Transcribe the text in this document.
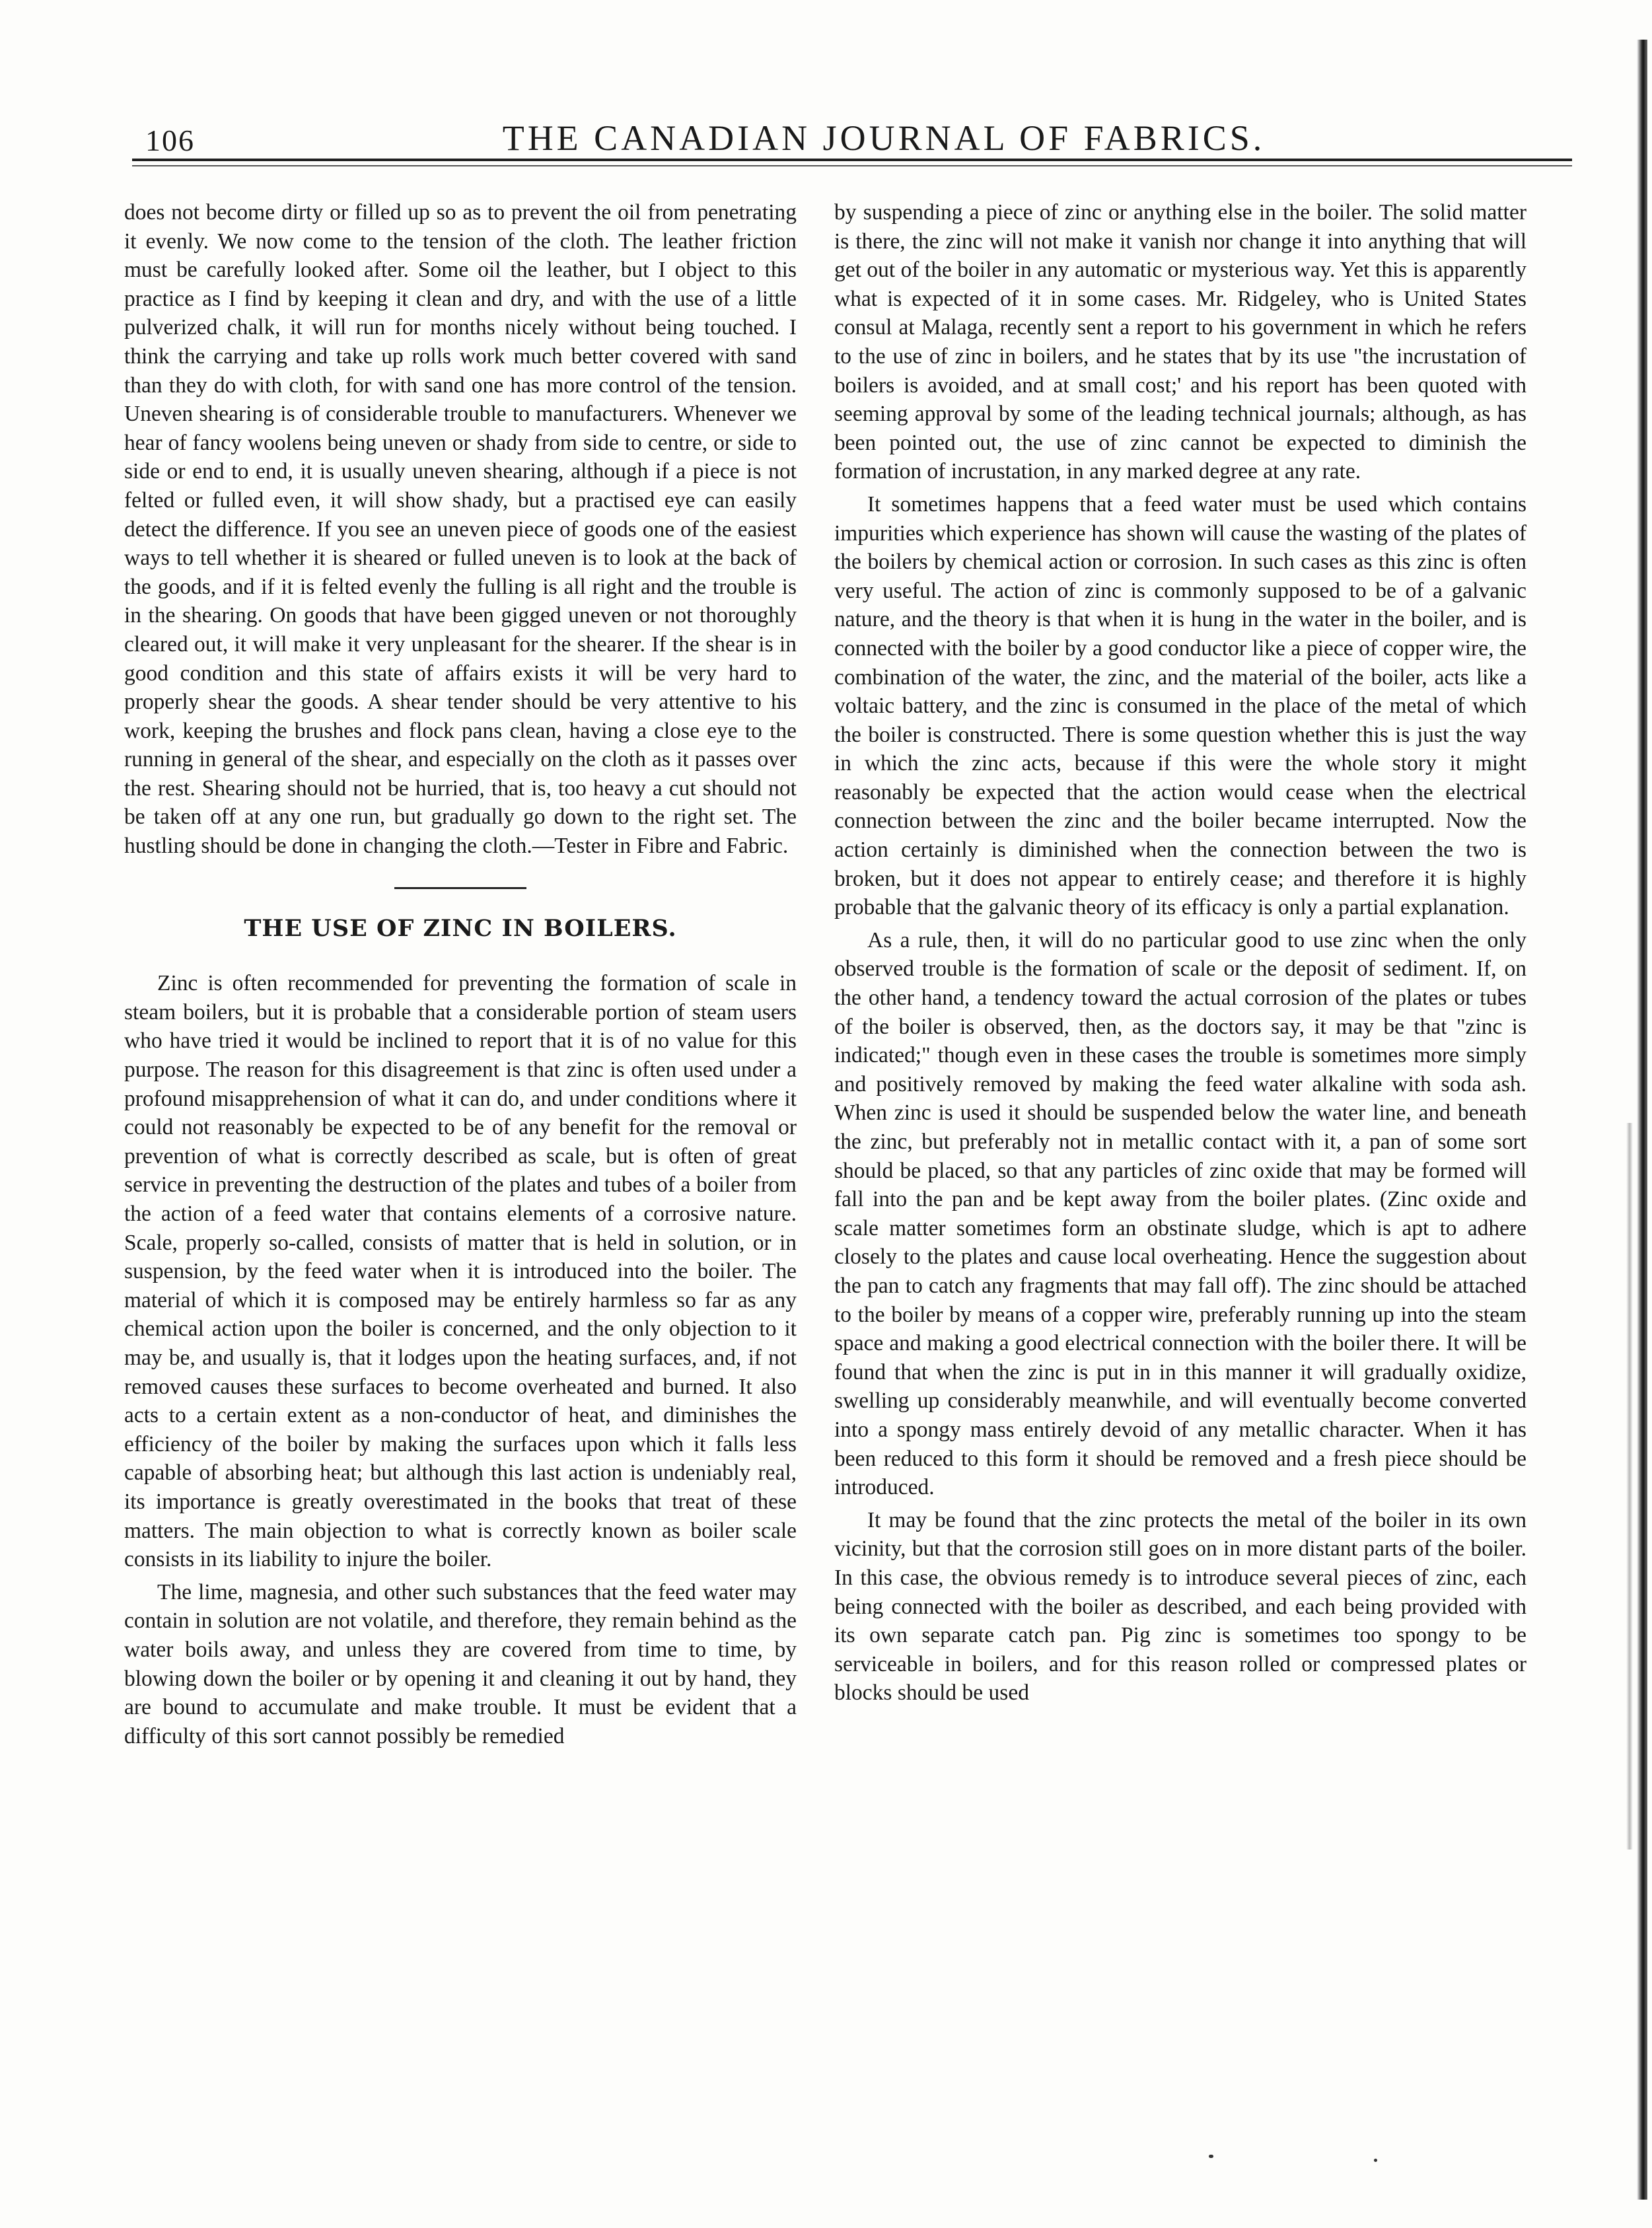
106	THE CANADIAN JOURNAL OF FABRICS.

does not become dirty or filled up so as to prevent the oil from penetrating it evenly. We now come to the tension of the cloth. The leather friction must be carefully looked after. Some oil the leather, but I object to this practice as I find by keeping it clean and dry, and with the use of a little pulverized chalk, it will run for months nicely without being touched. I think the carrying and take up rolls work much better covered with sand than they do with cloth, for with sand one has more control of the tension. Uneven shearing is of considerable trouble to manufacturers. Whenever we hear of fancy woolens being uneven or shady from side to centre, or side to side or end to end, it is usually uneven shearing, although if a piece is not felted or fulled even, it will show shady, but a practised eye can easily detect the difference. If you see an uneven piece of goods one of the easiest ways to tell whether it is sheared or fulled uneven is to look at the back of the goods, and if it is felted evenly the fulling is all right and the trouble is in the shearing. On goods that have been gigged uneven or not thoroughly cleared out, it will make it very unpleasant for the shearer. If the shear is in good condition and this state of affairs exists it will be very hard to properly shear the goods. A shear tender should be very attentive to his work, keeping the brushes and flock pans clean, having a close eye to the running in general of the shear, and especially on the cloth as it passes over the rest. Shearing should not be hurried, that is, too heavy a cut should not be taken off at any one run, but gradually go down to the right set. The hustling should be done in changing the cloth.—Tester in Fibre and Fabric.

THE USE OF ZINC IN BOILERS.

Zinc is often recommended for preventing the formation of scale in steam boilers, but it is probable that a considerable portion of steam users who have tried it would be inclined to report that it is of no value for this purpose. The reason for this disagreement is that zinc is often used under a profound misapprehension of what it can do, and under conditions where it could not reasonably be expected to be of any benefit for the removal or prevention of what is correctly described as scale, but is often of great service in preventing the destruction of the plates and tubes of a boiler from the action of a feed water that contains elements of a corrosive nature. Scale, properly so-called, consists of matter that is held in solution, or in suspension, by the feed water when it is introduced into the boiler. The material of which it is composed may be entirely harmless so far as any chemical action upon the boiler is concerned, and the only objection to it may be, and usually is, that it lodges upon the heating surfaces, and, if not removed causes these surfaces to become overheated and burned. It also acts to a certain extent as a non-conductor of heat, and diminishes the efficiency of the boiler by making the surfaces upon which it falls less capable of absorbing heat; but although this last action is undeniably real, its importance is greatly overestimated in the books that treat of these matters. The main objection to what is correctly known as boiler scale consists in its liability to injure the boiler.

The lime, magnesia, and other such substances that the feed water may contain in solution are not volatile, and therefore, they remain behind as the water boils away, and unless they are covered from time to time, by blowing down the boiler or by opening it and cleaning it out by hand, they are bound to accumulate and make trouble. It must be evident that a difficulty of this sort cannot possibly be remedied

by suspending a piece of zinc or anything else in the boiler. The solid matter is there, the zinc will not make it vanish nor change it into anything that will get out of the boiler in any automatic or mysterious way. Yet this is apparently what is expected of it in some cases. Mr. Ridgeley, who is United States consul at Malaga, recently sent a report to his government in which he refers to the use of zinc in boilers, and he states that by its use "the incrustation of boilers is avoided, and at small cost;' and his report has been quoted with seeming approval by some of the leading technical journals; although, as has been pointed out, the use of zinc cannot be expected to diminish the formation of incrustation, in any marked degree at any rate.

It sometimes happens that a feed water must be used which contains impurities which experience has shown will cause the wasting of the plates of the boilers by chemical action or corrosion. In such cases as this zinc is often very useful. The action of zinc is commonly supposed to be of a galvanic nature, and the theory is that when it is hung in the water in the boiler, and is connected with the boiler by a good conductor like a piece of copper wire, the combination of the water, the zinc, and the material of the boiler, acts like a voltaic battery, and the zinc is consumed in the place of the metal of which the boiler is constructed. There is some question whether this is just the way in which the zinc acts, because if this were the whole story it might reasonably be expected that the action would cease when the electrical connection between the zinc and the boiler became interrupted. Now the action certainly is diminished when the connection between the two is broken, but it does not appear to entirely cease; and therefore it is highly probable that the galvanic theory of its efficacy is only a partial explanation.

As a rule, then, it will do no particular good to use zinc when the only observed trouble is the formation of scale or the deposit of sediment. If, on the other hand, a tendency toward the actual corrosion of the plates or tubes of the boiler is observed, then, as the doctors say, it may be that "zinc is indicated;" though even in these cases the trouble is sometimes more simply and positively removed by making the feed water alkaline with soda ash. When zinc is used it should be suspended below the water line, and beneath the zinc, but preferably not in metallic contact with it, a pan of some sort should be placed, so that any particles of zinc oxide that may be formed will fall into the pan and be kept away from the boiler plates. (Zinc oxide and scale matter sometimes form an obstinate sludge, which is apt to adhere closely to the plates and cause local overheating. Hence the suggestion about the pan to catch any fragments that may fall off). The zinc should be attached to the boiler by means of a copper wire, preferably running up into the steam space and making a good electrical connection with the boiler there. It will be found that when the zinc is put in in this manner it will gradually oxidize, swelling up considerably meanwhile, and will eventually become converted into a spongy mass entirely devoid of any metallic character. When it has been reduced to this form it should be removed and a fresh piece should be introduced.

It may be found that the zinc protects the metal of the boiler in its own vicinity, but that the corrosion still goes on in more distant parts of the boiler. In this case, the obvious remedy is to introduce several pieces of zinc, each being connected with the boiler as described, and each being provided with its own separate catch pan. Pig zinc is sometimes too spongy to be serviceable in boilers, and for this reason rolled or compressed plates or blocks should be used
